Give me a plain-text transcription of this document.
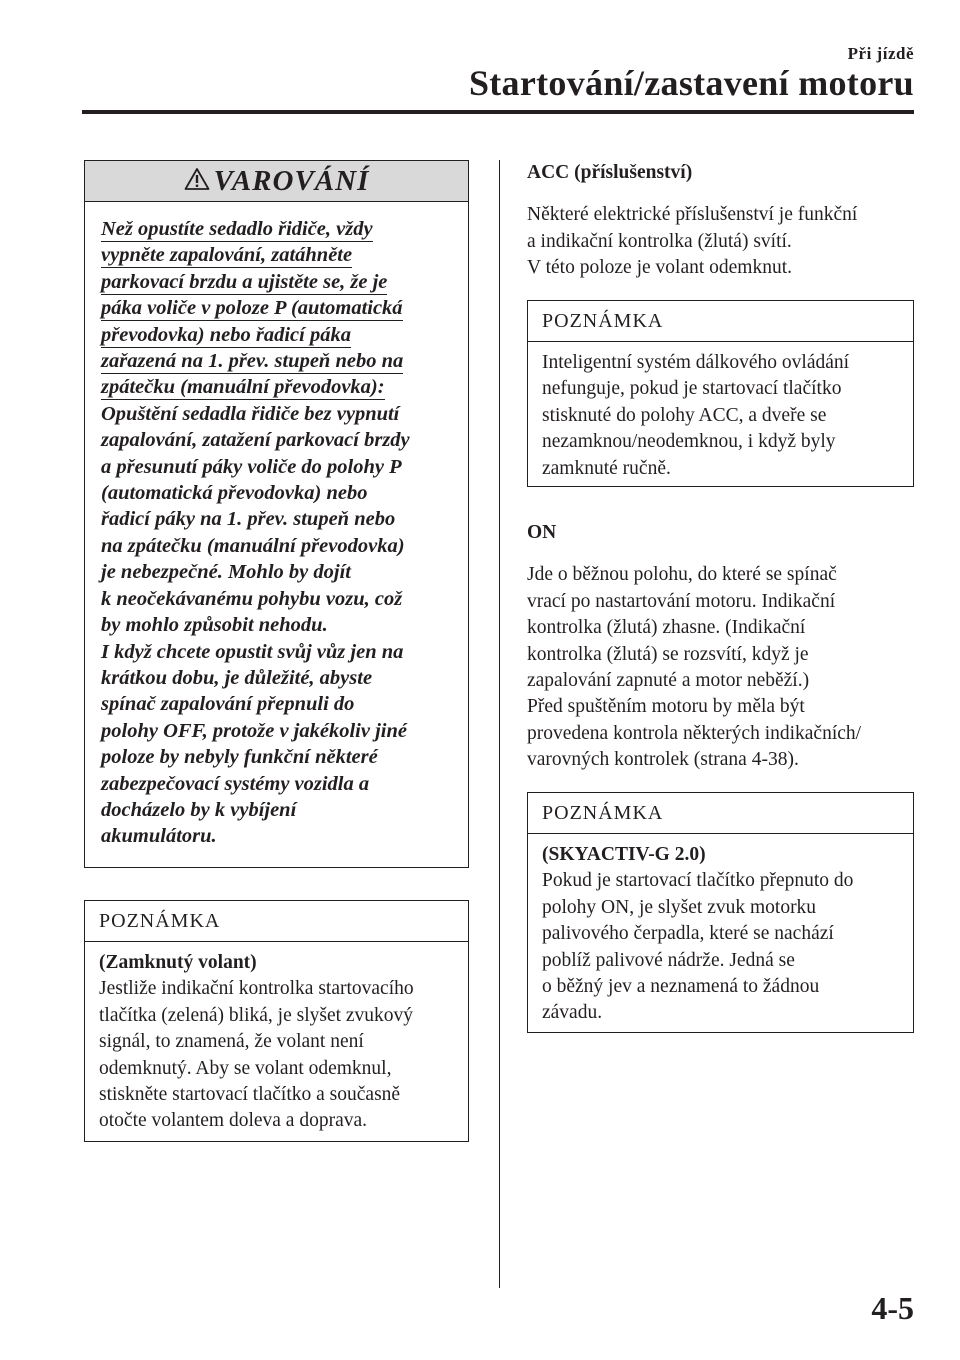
Při jízdě
Startování/zastavení motoru
VAROVÁNÍ
Než opustíte sedadlo řidiče, vždy
vypněte zapalování, zatáhněte
parkovací brzdu a ujistěte se, že je
páka voliče v poloze P (automatická
převodovka) nebo řadicí páka
zařazená na 1. přev. stupeň nebo na
zpátečku (manuální převodovka):
Opuštění sedadla řidiče bez vypnutí
zapalování, zatažení parkovací brzdy
a přesunutí páky voliče do polohy P
(automatická převodovka) nebo
řadicí páky na 1. přev. stupeň nebo
na zpátečku (manuální převodovka)
je nebezpečné. Mohlo by dojít
k neočekávanému pohybu vozu, což
by mohlo způsobit nehodu.
I když chcete opustit svůj vůz jen na
krátkou dobu, je důležité, abyste
spínač zapalování přepnuli do
polohy OFF, protože v jakékoliv jiné
poloze by nebyly funkční některé
zabezpečovací systémy vozidla a
docházelo by k vybíjení
akumulátoru.
POZNÁMKA
(Zamknutý volant)
Jestliže indikační kontrolka startovacího
tlačítka (zelená) bliká, je slyšet zvukový
signál, to znamená, že volant není
odemknutý. Aby se volant odemknul,
stiskněte startovací tlačítko a současně
otočte volantem doleva a doprava.
ACC (příslušenství)
Některé elektrické příslušenství je funkční
a indikační kontrolka (žlutá) svítí.
V této poloze je volant odemknut.
POZNÁMKA
Inteligentní systém dálkového ovládání
nefunguje, pokud je startovací tlačítko
stisknuté do polohy ACC, a dveře se
nezamknou/neodemknou, i když byly
zamknuté ručně.
ON
Jde o běžnou polohu, do které se spínač
vrací po nastartování motoru. Indikační
kontrolka (žlutá) zhasne. (Indikační
kontrolka (žlutá) se rozsvítí, když je
zapalování zapnuté a motor neběží.)
Před spuštěním motoru by měla být
provedena kontrola některých indikačních/
varovných kontrolek (strana 4-38).
POZNÁMKA
(SKYACTIV-G 2.0)
Pokud je startovací tlačítko přepnuto do
polohy ON, je slyšet zvuk motorku
palivového čerpadla, které se nachází
poblíž palivové nádrže. Jedná se
o běžný jev a neznamená to žádnou
závadu.
4-5
